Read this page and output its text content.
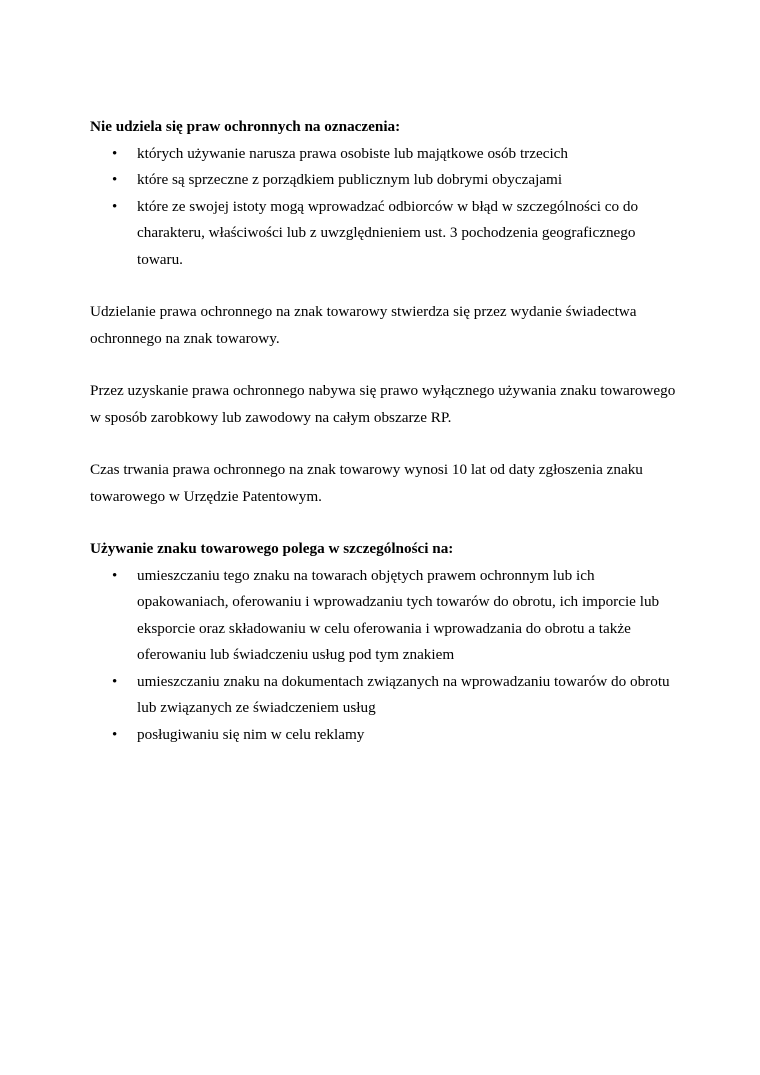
Nie udziela się praw ochronnych na oznaczenia:

• których używanie narusza prawa osobiste lub majątkowe osób trzecich
• które są sprzeczne z porządkiem publicznym lub dobrymi obyczajami
• które ze swojej istoty mogą wprowadzać odbiorców w błąd w szczególności co do charakteru, właściwości lub z uwzględnieniem ust. 3 pochodzenia geograficznego towaru.

Udzielanie prawa ochronnego na znak towarowy stwierdza się przez wydanie świadectwa ochronnego na znak towarowy.

Przez uzyskanie prawa ochronnego nabywa się prawo wyłącznego używania znaku towarowego w sposób zarobkowy lub zawodowy na całym obszarze RP.

Czas trwania prawa ochronnego na znak towarowy wynosi 10 lat od daty zgłoszenia znaku towarowego w Urzędzie Patentowym.

Używanie znaku towarowego polega w szczególności na:

• umieszczaniu tego znaku na towarach objętych prawem ochronnym lub ich opakowaniach, oferowaniu i wprowadzaniu tych towarów do obrotu, ich imporcie lub eksporcie oraz składowaniu w celu oferowania i wprowadzania do obrotu a także oferowaniu lub świadczeniu usług pod tym znakiem
• umieszczaniu znaku na dokumentach związanych na wprowadzaniu towarów do obrotu lub związanych ze świadczeniem usług
• posługiwaniu się nim w celu reklamy
